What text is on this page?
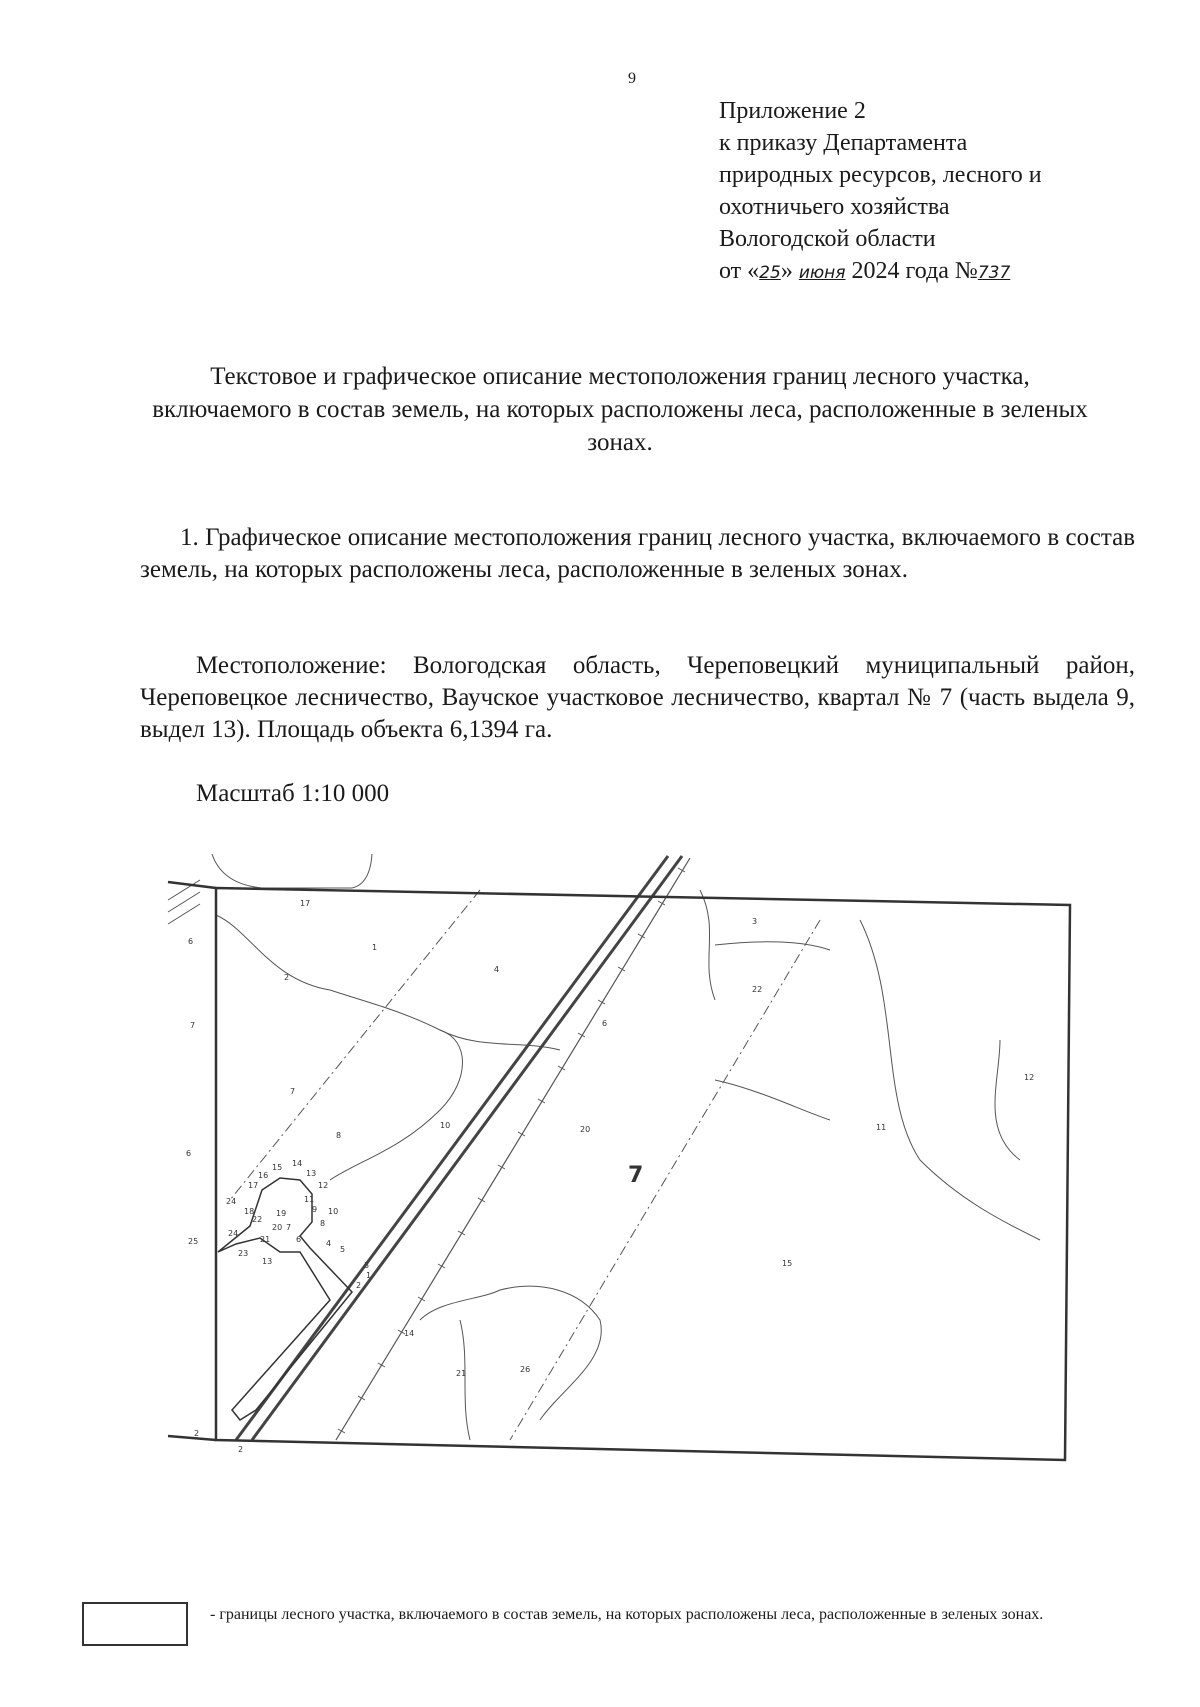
9
Приложение 2
к приказу Департамента
природных ресурсов, лесного и
охотничьего хозяйства
Вологодской области
от «25» июня 2024 года №737
Текстовое и графическое описание местоположения границ лесного участка, включаемого в состав земель, на которых расположены леса, расположенные в зеленых зонах.
1. Графическое описание местоположения границ лесного участка, включаемого в состав земель, на которых расположены леса, расположенные в зеленых зонах.
Местоположение: Вологодская область, Череповецкий муниципальный район, Череповецкое лесничество, Ваучское участковое лесничество, квартал № 7 (часть выдела 9, выдел 13). Площадь объекта 6,1394 га.
Масштаб 1:10 000
7
17
1
2
4
6
6
7
7
8
10
3
22
6
20
12
11
15
14
21	26
13
25
2
2
24
14
15
16
17
13
12
11
10
9
8
7
6
5
4
3
18	19
20
21
22
23
24
1
2
- границы лесного участка, включаемого в состав земель, на которых расположены леса, расположенные в зеленых зонах.
